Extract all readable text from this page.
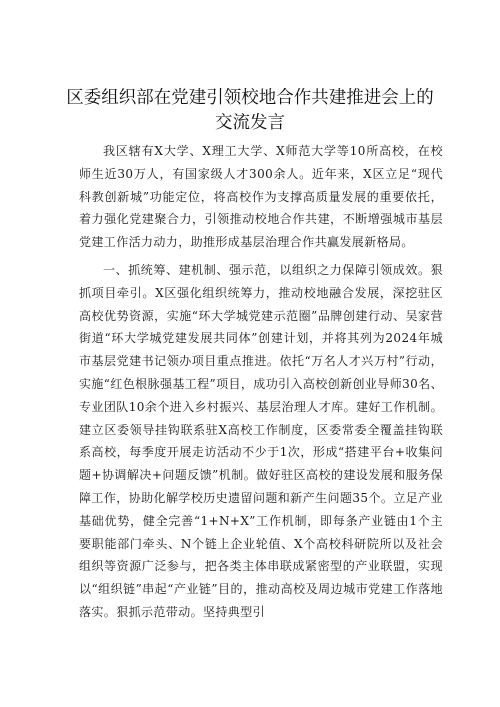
区委组织部在党建引领校地合作共建推进会上的
交流发言

我区辖有X大学、X理工大学、X师范大学等10所高校，在校师生近30万人，有国家级人才300余人。近年来，X区立足“现代科教创新城”功能定位，将高校作为支撑高质量发展的重要依托，着力强化党建聚合力，引领推动校地合作共建，不断增强城市基层党建工作活力动力，助推形成基层治理合作共赢发展新格局。

一、抓统筹、建机制、强示范，以组织之力保障引领成效。狠抓项目牵引。X区强化组织统筹力，推动校地融合发展，深挖驻区高校优势资源，实施“环大学城党建示范圈”品牌创建行动、吴家营街道“环大学城党建发展共同体”创建计划，并将其列为2024年城市基层党建书记领办项目重点推进。依托“万名人才兴万村”行动，实施“红色根脉强基工程”项目，成功引入高校创新创业导师30名、专业团队10余个进入乡村振兴、基层治理人才库。建好工作机制。建立区委领导挂钩联系驻X高校工作制度，区委常委全覆盖挂钩联系高校，每季度开展走访活动不少于1次，形成“搭建平台+收集问题+协调解决+问题反馈”机制。做好驻区高校的建设发展和服务保障工作，协助化解学校历史遗留问题和新产生问题35个。立足产业基础优势，健全完善“1+N+X”工作机制，即每条产业链由1个主要职能部门牵头、N个链上企业轮值、X个高校科研院所以及社会组织等资源广泛参与，把各类主体串联成紧密型的产业联盟，实现以“组织链”串起“产业链”目的，推动高校及周边城市党建工作落地落实。狠抓示范带动。坚持典型引
